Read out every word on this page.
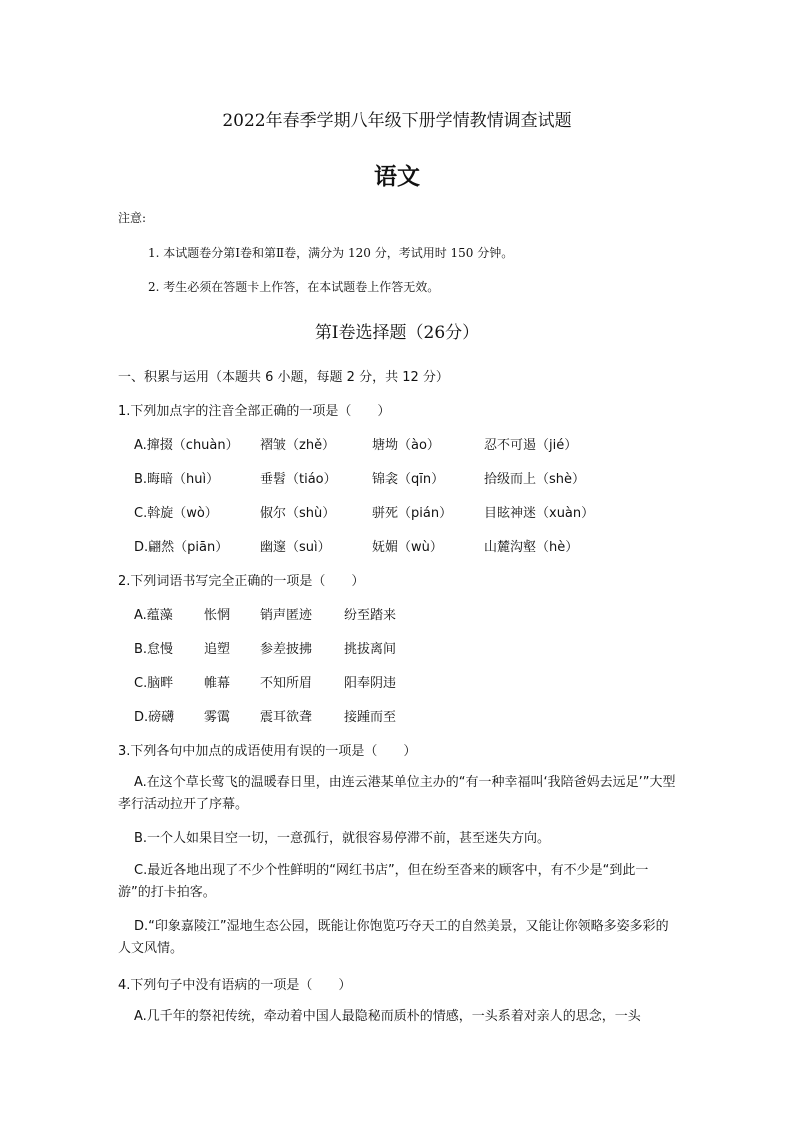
2022年春季学期八年级下册学情教情调查试题
语文
注意:
1. 本试题卷分第Ⅰ卷和第Ⅱ卷，满分为 120 分，考试用时 150 分钟。
2. 考生必须在答题卡上作答，在本试题卷上作答无效。
第Ⅰ卷选择题（26分）
一、积累与运用（本题共 6 小题，每题 2 分，共 12 分）
1.下列加点字的注音全部正确的一项是（　　）
A.撺掇（chuàn） 褶皱（zhě）	塘坳（ào）	忍不可遏（jié）
B.晦暗（huì）	垂髫（tiáo）	锦衾（qīn）	拾级而上（shè）
C.斡旋（wò）	俶尔（shù）	骈死（pián） 目眩神迷（xuàn）
D.翩然（piān） 幽邃（suì）	妩媚（wù）	山麓沟壑（hè）
2.下列词语书写完全正确的一项是（　　）
A.蕴藻 怅惘 销声匿迹 纷至踏来
B.怠慢 追塑 参差披拂 挑拔离间
C.脑畔 帷幕 不知所眉 阳奉阴违
D.磅礴 雾霭 震耳欲聋 接踵而至
3.下列各句中加点的成语使用有误的一项是（　　）
A.在这个草长莺飞的温暖春日里，由连云港某单位主办的“有一种幸福叫‘我陪爸妈去远足’”大型孝行活动拉开了序幕。
B.一个人如果目空一切，一意孤行，就很容易停滞不前，甚至迷失方向。
C.最近各地出现了不少个性鲜明的“网红书店”，但在纷至沓来的顾客中，有不少是“到此一游”的打卡拍客。
D.“印象嘉陵江”湿地生态公园，既能让你饱览巧夺天工的自然美景，又能让你领略多姿多彩的人文风情。
4.下列句子中没有语病的一项是（　　）
A.几千年的祭祀传统，牵动着中国人最隐秘而质朴的情感，一头系着对亲人的思念，一头
